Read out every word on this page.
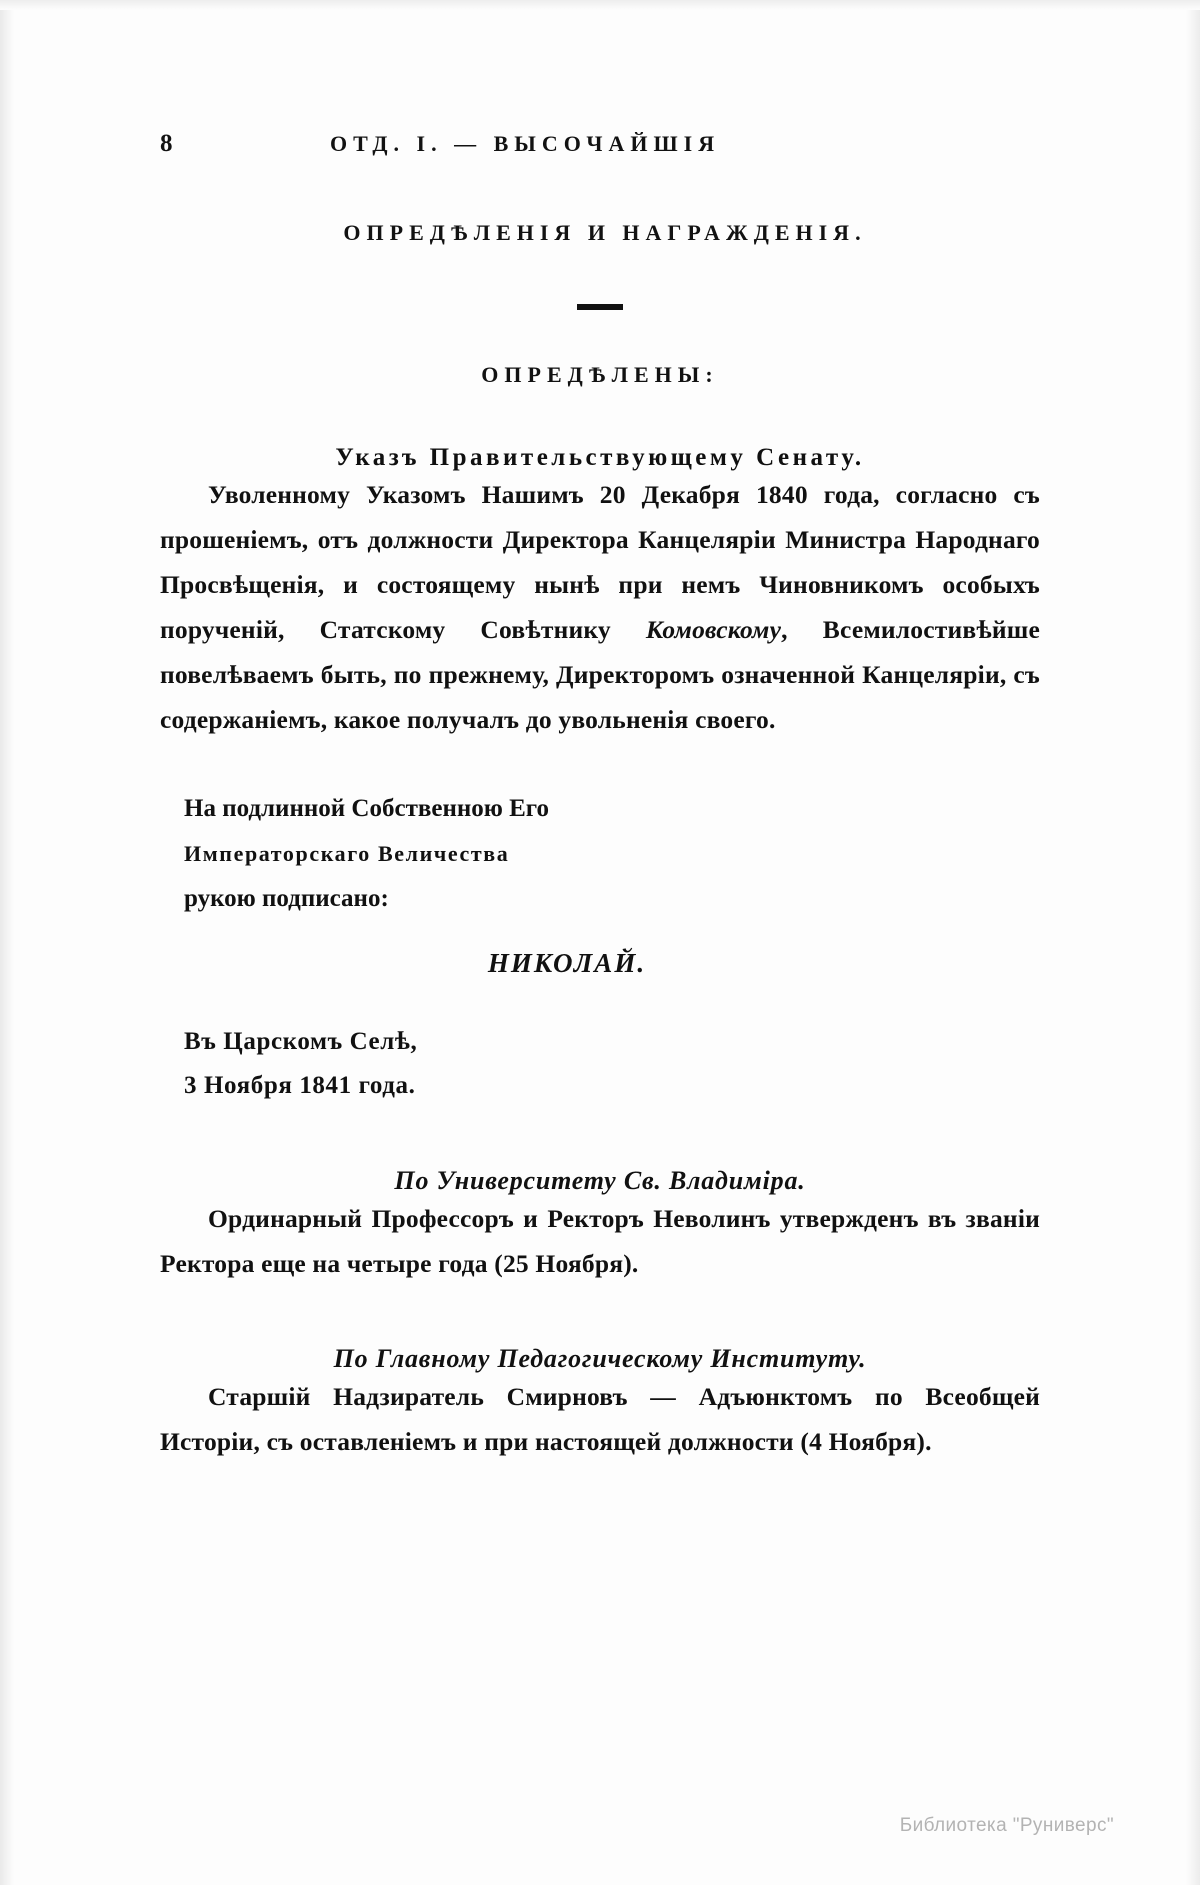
8	ОТД. I. — ВЫСОЧАЙШІЯ
ОПРЕДѢЛЕНІЯ И НАГРАЖДЕНІЯ.
ОПРЕДѢЛЕНЫ:
Указъ Правительствующему Сенату.

Уволенному Указомъ Нашимъ 20 Декабря 1840 года, согласно съ прошеніемъ, отъ должности Директора Канцеляріи Министра Народнаго Просвѣщенія, и состоящему нынѣ при немъ Чиновникомъ особыхъ порученій, Статскому Совѣтнику Комовскому, Всемилостивѣйше повелѣваемъ быть, по прежнему, Директоромъ означенной Канцеляріи, съ содержаніемъ, какое получалъ до увольненія своего.

На подлинной Собственною Его
Императорскаго Величества
рукою подписано:
НИКОЛАЙ.
Въ Царскомъ Селѣ,
3 Ноября 1841 года.
По Университету Св. Владиміра.

Ординарный Профессоръ и Ректоръ Неволинъ утвержденъ въ званіи Ректора еще на четыре года (25 Ноября).

По Главному Педагогическому Институту.

Старшій Надзиратель Смирновъ — Адъюнктомъ по Всеобщей Исторіи, съ оставленіемъ и при настоящей должности (4 Ноября).

Библиотека "Руниверс"
